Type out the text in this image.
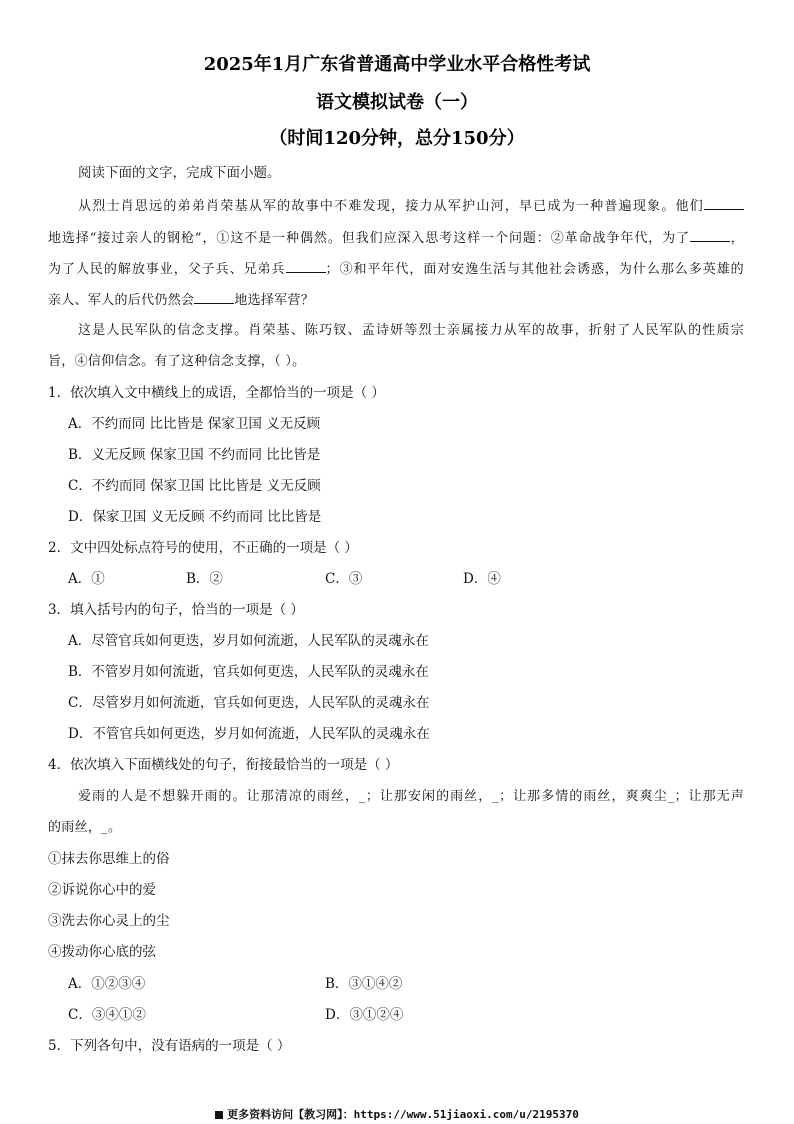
2025年1月广东省普通高中学业水平合格性考试
语文模拟试卷（一）
（时间120分钟，总分150分）
阅读下面的文字，完成下面小题。
从烈士肖思远的弟弟肖荣基从军的故事中不难发现，接力从军护山河，早已成为一种普遍现象。他们
地选择“接过亲人的钢枪”，①这不是一种偶然。但我们应深入思考这样一个问题：②革命战争年代，为了	，
为了人民的解放事业，父子兵、兄弟兵	；③和平年代，面对安逸生活与其他社会诱惑，为什么那么多英雄的
亲人、军人的后代仍然会	地选择军营？
这是人民军队的信念支撑。肖荣基、陈巧钗、孟诗妍等烈士亲属接力从军的故事，折射了人民军队的性质宗
旨，④信仰信念。有了这种信念支撑，（ ）。
1．依次填入文中横线上的成语，全都恰当的一项是（ ）
A．不约而同 比比皆是 保家卫国 义无反顾
B．义无反顾 保家卫国 不约而同 比比皆是
C．不约而同 保家卫国 比比皆是 义无反顾
D．保家卫国 义无反顾 不约而同 比比皆是
2．文中四处标点符号的使用，不正确的一项是（ ）
A．①	B．②	C．③	D．④
3．填入括号内的句子，恰当的一项是（ ）
A．尽管官兵如何更迭，岁月如何流逝，人民军队的灵魂永在
B．不管岁月如何流逝，官兵如何更迭，人民军队的灵魂永在
C．尽管岁月如何流逝，官兵如何更迭，人民军队的灵魂永在
D．不管官兵如何更迭，岁月如何流逝，人民军队的灵魂永在
4．依次填入下面横线处的句子，衔接最恰当的一项是（ ）
爱雨的人是不想躲开雨的。让那清凉的雨丝，_；让那安闲的雨丝，_；让那多情的雨丝，爽爽尘_；让那无声
的雨丝，_。
①抹去你思维上的俗
②诉说你心中的爱
③洗去你心灵上的尘
④拨动你心底的弦
A．①②③④	B．③①④②
C．③④①②	D．③①②④
5．下列各句中，没有语病的一项是（ ）
更多资料访问【教习网】：https://www.51jiaoxi.com/u/2195370
